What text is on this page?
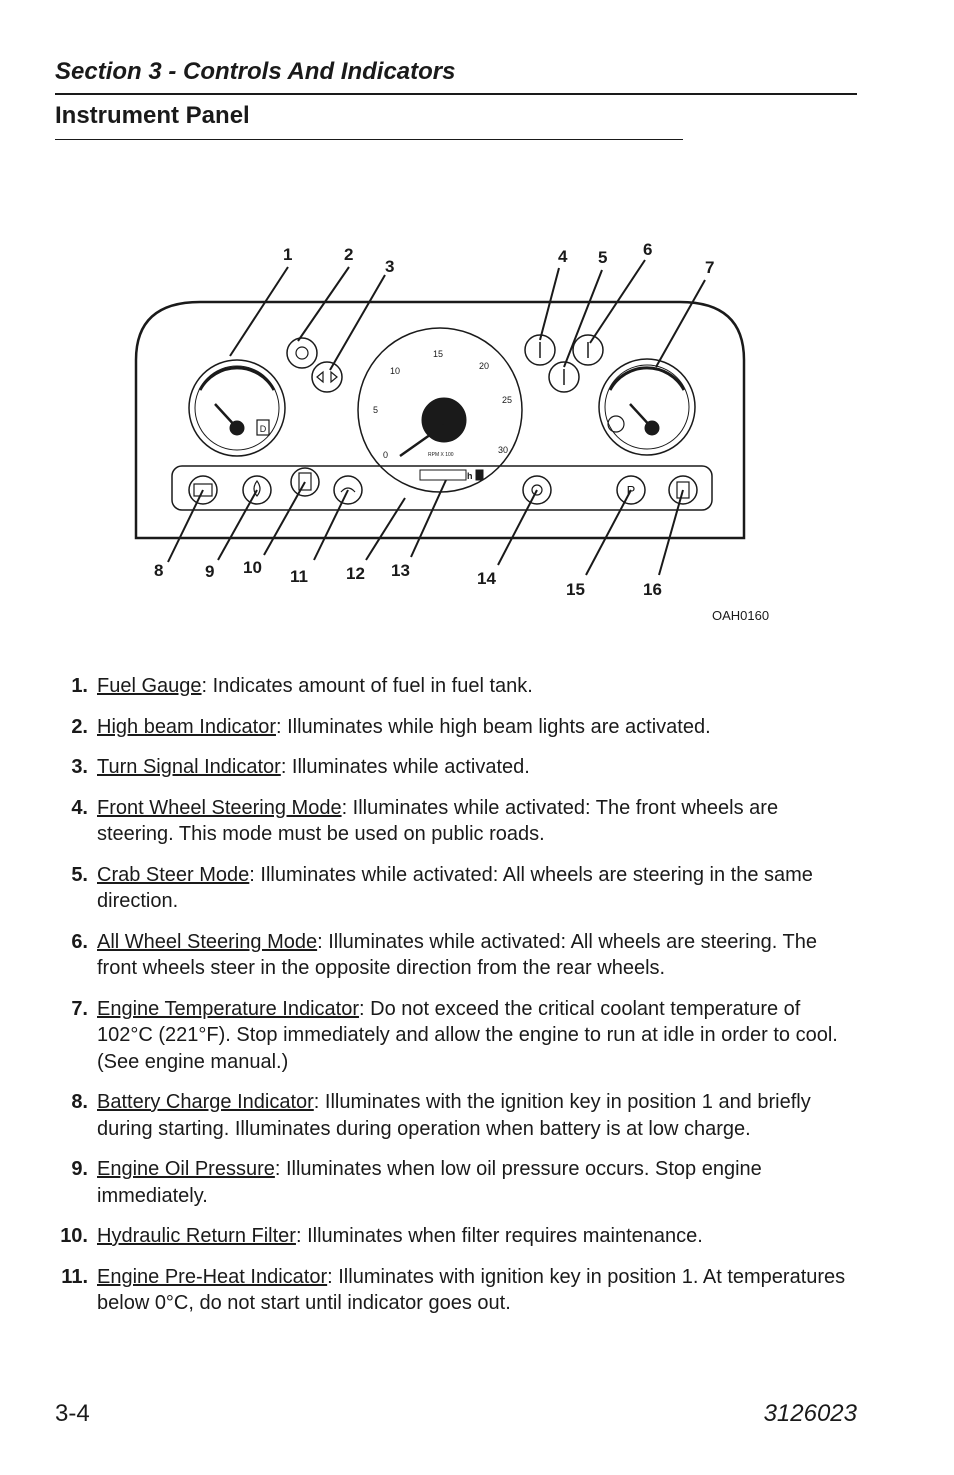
Section 3 - Controls And Indicators
Instrument Panel
D
0
5
10
15
20
25
30
RPM X 100
h
P
1	2
3
4 5 6
7
8 9 10 11 12 13	14
15	16
OAH0160
1. Fuel Gauge: Indicates amount of fuel in fuel tank.
2. High beam Indicator: Illuminates while high beam lights are activated.
3. Turn Signal Indicator: Illuminates while activated.
4. Front Wheel Steering Mode: Illuminates while activated: The front wheels are steering. This mode must be used on public roads.
5. Crab Steer Mode: Illuminates while activated: All wheels are steering in the same direction.
6. All Wheel Steering Mode: Illuminates while activated: All wheels are steering. The front wheels steer in the opposite direction from the rear wheels.
7. Engine Temperature Indicator: Do not exceed the critical coolant temperature of 102°C (221°F). Stop immediately and allow the engine to run at idle in order to cool. (See engine manual.)
8. Battery Charge Indicator: Illuminates with the ignition key in position 1 and briefly during starting. Illuminates during operation when battery is at low charge.
9. Engine Oil Pressure: Illuminates when low oil pressure occurs. Stop engine immediately.
10. Hydraulic Return Filter: Illuminates when filter requires maintenance.
11. Engine Pre-Heat Indicator: Illuminates with ignition key in position 1. At temperatures below 0°C, do not start until indicator goes out.
3-4	3126023
